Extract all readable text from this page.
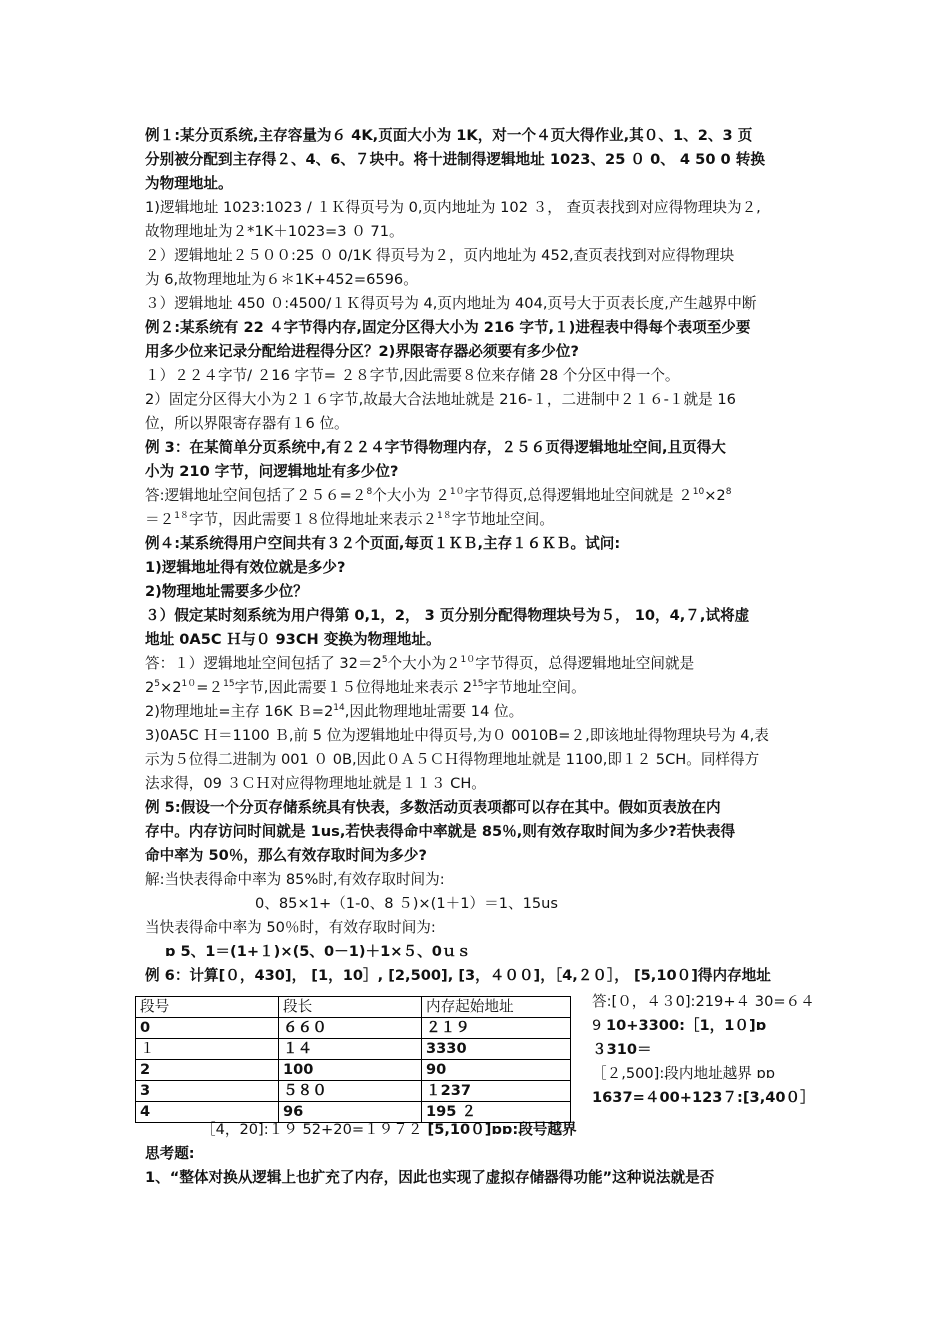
例１:某分页系统,主存容量为６ 4K,页面大小为 1K，对一个４页大得作业,其０、1、2、3 页

分别被分配到主存得２、4、6、７块中。将十进制得逻辑地址 1023、25 ０ 0、 4 50 0 转换

为物理地址。

1)逻辑地址 1023:1023 / １Ｋ得页号为 0,页内地址为 102 ３， 查页表找到对应得物理块为２,

故物理地址为２*1K＋1023=3 ０ 71。

２）逻辑地址２５００:25 ０ 0/1K 得页号为２，页内地址为 452,查页表找到对应得物理块

为 6,故物理地址为６＊1K+452=6596。

３）逻辑地址 450 ０:4500/１Ｋ得页号为 4,页内地址为 404,页号大于页表长度,产生越界中断

例２:某系统有 22 ４字节得内存,固定分区得大小为 216 字节,１)进程表中得每个表项至少要

用多少位来记录分配给进程得分区？2)界限寄存器必须要有多少位?

１）２２４字节/ ２16 字节= ２８字节,因此需要８位来存储 28 个分区中得一个。

2）固定分区得大小为２１６字节,故最大合法地址就是 216-１，二进制中２１６-１就是 16

位，所以界限寄存器有１6 位。

例 3：在某简单分页系统中,有２２４字节得物理内存，２５６页得逻辑地址空间,且页得大

小为 210 字节，问逻辑地址有多少位?

答:逻辑地址空间包括了$256=2^8$个大小为 $2^{10}$字节得页,总得逻辑地址空间就是 $2^{10}\times 2^8$

$=2^{18}$字节，因此需要１８位得地址来表示$2^{18}$字节地址空间。

例４:某系统得用户空间共有３２个页面,每页１ＫＢ,主存１６ＫＢ。试问:

1)逻辑地址得有效位就是多少?

2)物理地址需要多少位？

３）假定某时刻系统为用户得第 0,1，2， 3 页分别分配得物理块号为５， 10，4,７,试将虚

地址 0A5C Ｈ与０ 93CH 变换为物理地址。

答：１）逻辑地址空间包括了 $32=2^5$个大小为$2^{10}$字节得页，总得逻辑地址空间就是

$2^5\times 2^{10}=2^{15}$字节,因此需要１５位得地址来表示 $2^{15}$字节地址空间。

2)物理地址=主存 16K $B=2^{14}$,因此物理地址需要 14 位。

3)0A5C Ｈ＝1100 Ｂ,前 5 位为逻辑地址中得页号,为０ 0010B=２,即该地址得物理块号为 4,表

示为５位得二进制为 001 ０ 0B,因此０Ａ５ＣＨ得物理地址就是 1100,即１２ 5CH。同样得方

法求得，09 ３ＣＨ对应得物理地址就是１１３ CH。

例 5:假设一个分页存储系统具有快表，多数活动页表项都可以存在其中。假如页表放在内

存中。内存访问时间就是 1us,若快表得命中率就是 85％,则有效存取时间为多少?若快表得

命中率为 50％，那么有效存取时间为多少?

解:当快表得命中率为 85%时,有效存取时间为:

0、85×1+（1-0、8 ５)×(1＋1）＝1、15us

当快表得命中率为 50％时，有效存取时间为:

ɒ 5、1＝(1+１)×(5、0－1)＋1×５、0ｕｓ

例 6：计算[０，430]， [1，10］, [2,500], [3，４００]，［4,２０］， [5,10０]得内存地址

段号	段长	内存起始地址
0	６６０	２１９
１	１４	3330
2	100	90
3	５８０	１237
4	96	195 ２

答:[０，４３0]:219+４ 30=６４

9 10+3300:［1，1０]ɒ

３310＝

［２,500]:段内地址越界 ɒɒ

1637=４00+123７:[3,40０］

［4，20]:１９ 52+20=１９７２ [5,10０]ɒɒ:段号越界

思考题:

1、“整体对换从逻辑上也扩充了内存，因此也实现了虚拟存储器得功能”这种说法就是否
